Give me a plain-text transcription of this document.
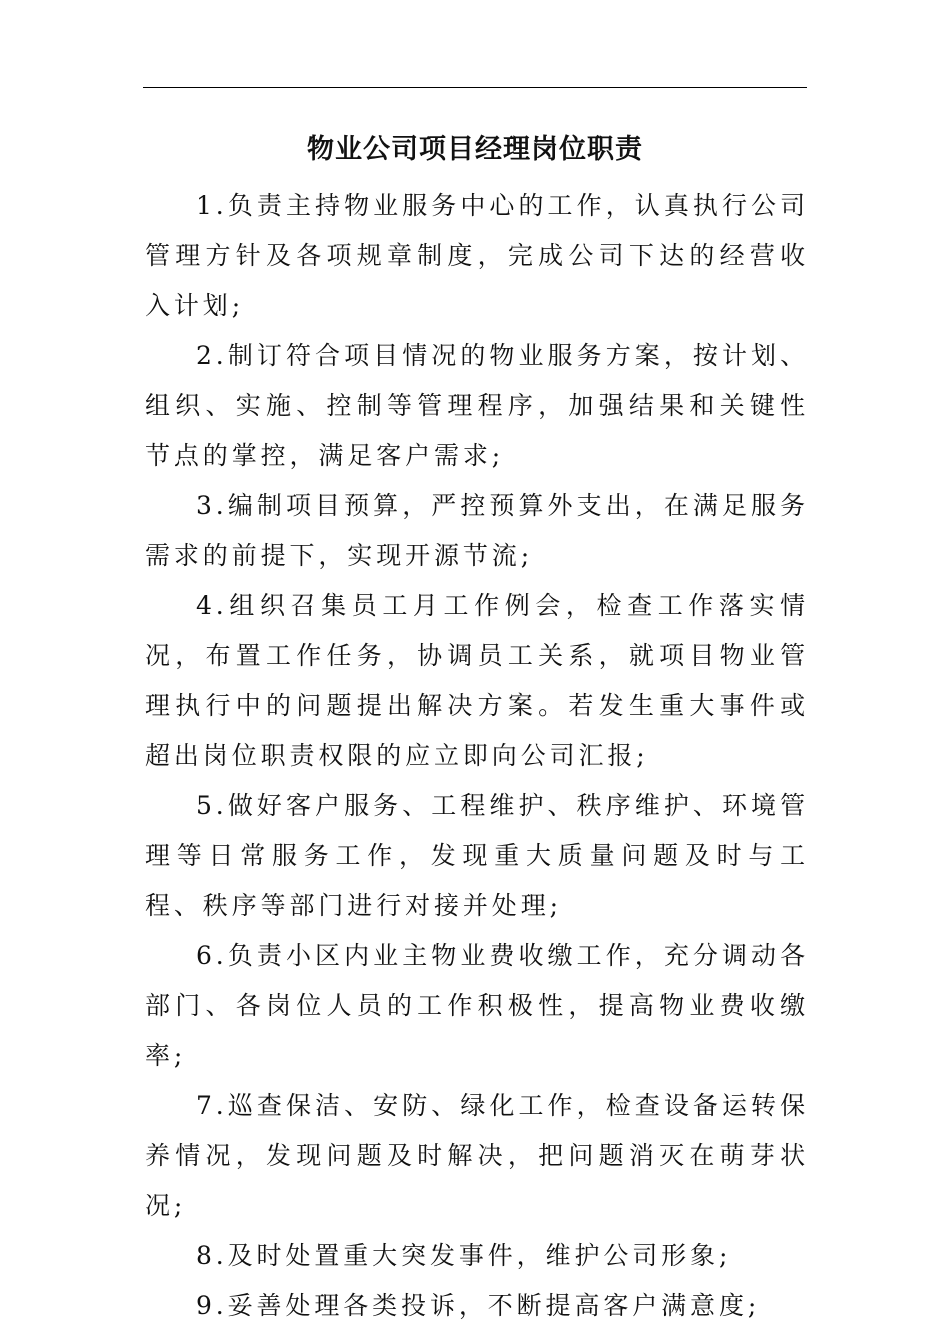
物业公司项目经理岗位职责
1.负责主持物业服务中心的工作，认真执行公司管理方针及各项规章制度，完成公司下达的经营收入计划;
2.制订符合项目情况的物业服务方案，按计划、组织、实施、控制等管理程序，加强结果和关键性节点的掌控，满足客户需求;
3.编制项目预算，严控预算外支出，在满足服务需求的前提下，实现开源节流;
4.组织召集员工月工作例会，检查工作落实情况，布置工作任务，协调员工关系，就项目物业管理执行中的问题提出解决方案。若发生重大事件或超出岗位职责权限的应立即向公司汇报;
5.做好客户服务、工程维护、秩序维护、环境管理等日常服务工作，发现重大质量问题及时与工程、秩序等部门进行对接并处理;
6.负责小区内业主物业费收缴工作，充分调动各部门、各岗位人员的工作积极性，提高物业费收缴率;
7.巡查保洁、安防、绿化工作，检查设备运转保养情况，发现问题及时解决，把问题消灭在萌芽状况;
8.及时处置重大突发事件，维护公司形象;
9.妥善处理各类投诉，不断提高客户满意度;
